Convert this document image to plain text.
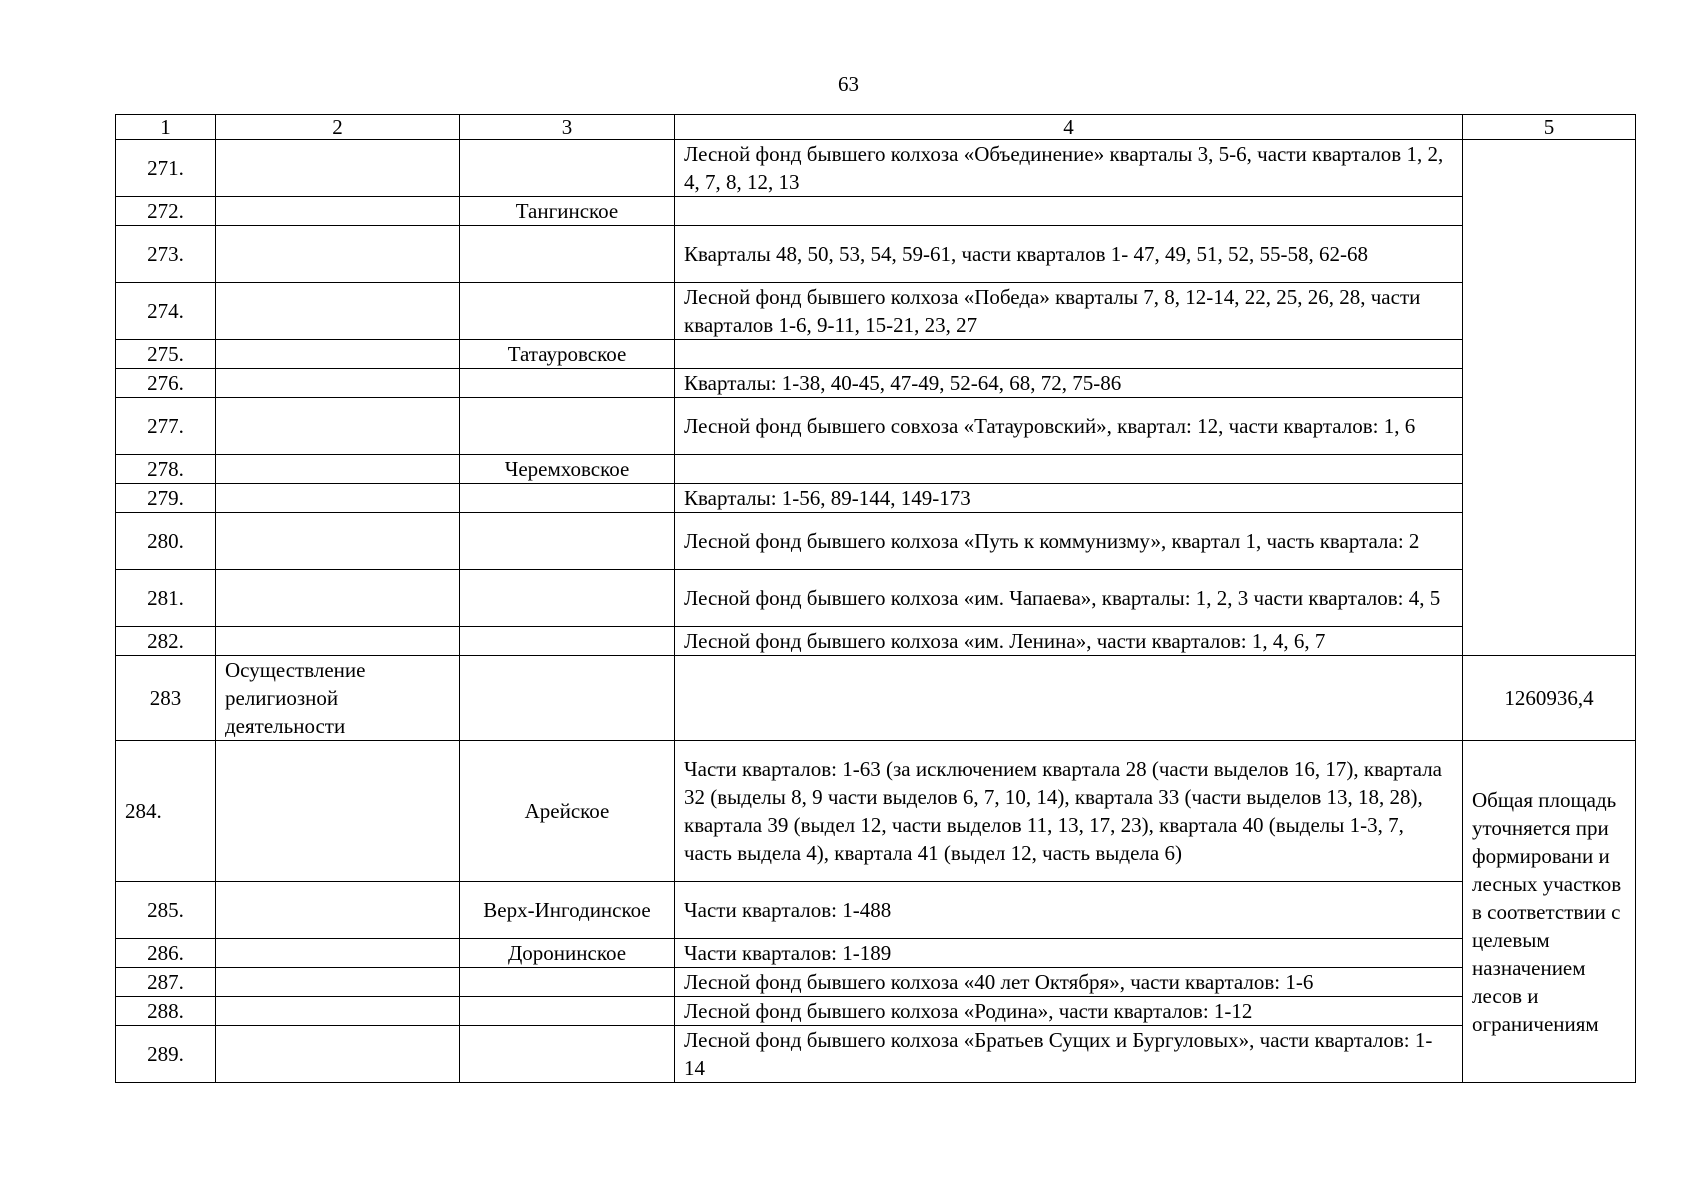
63
1	2	3	4	5
271.			Лесной фонд бывшего колхоза «Объединение» кварталы 3, 5-6, части кварталов 1, 2, 4, 7, 8, 12, 13	
272.		Тангинское		
273.			Кварталы 48, 50, 53, 54, 59-61, части кварталов 1- 47, 49, 51, 52, 55-58, 62-68	
274.			Лесной фонд бывшего колхоза «Победа» кварталы 7, 8, 12-14, 22, 25, 26, 28, части кварталов 1-6, 9-11, 15-21, 23, 27	
275.		Татауровское		
276.			Кварталы: 1-38, 40-45, 47-49, 52-64, 68, 72, 75-86	
277.			Лесной фонд бывшего совхоза «Татауровский», квартал: 12, части кварталов: 1, 6	
278.		Черемховское		
279.			Кварталы: 1-56, 89-144, 149-173	
280.			Лесной фонд бывшего колхоза «Путь к коммунизму», квартал 1, часть квартала: 2	
281.			Лесной фонд бывшего колхоза «им. Чапаева», кварталы: 1, 2, 3 части кварталов: 4, 5	
282.			Лесной фонд бывшего колхоза «им. Ленина», части кварталов: 1, 4, 6, 7	
283	Осуществление религиозной деятельности			1260936,4
284.		Арейское	Части кварталов: 1-63 (за исключением квартала 28 (части выделов 16, 17), квартала 32 (выделы 8, 9 части выделов 6, 7, 10, 14), квартала 33 (части выделов 13, 18, 28), квартала 39 (выдел 12, части выделов 11, 13, 17, 23), квартала 40 (выделы 1-3, 7, часть выдела 4), квартала 41 (выдел 12, часть выдела 6)	Общая площадь уточняется при формировани и лесных участков в соответствии с целевым назначением лесов и ограничениям
285.		Верх-Ингодинское	Части кварталов: 1-488	
286.		Доронинское	Части кварталов: 1-189	
287.			Лесной фонд бывшего колхоза «40 лет Октября», части кварталов: 1-6	
288.			Лесной фонд бывшего колхоза «Родина», части кварталов: 1-12	
289.			Лесной фонд бывшего колхоза «Братьев Сущих и Бургуловых», части кварталов: 1-14	
